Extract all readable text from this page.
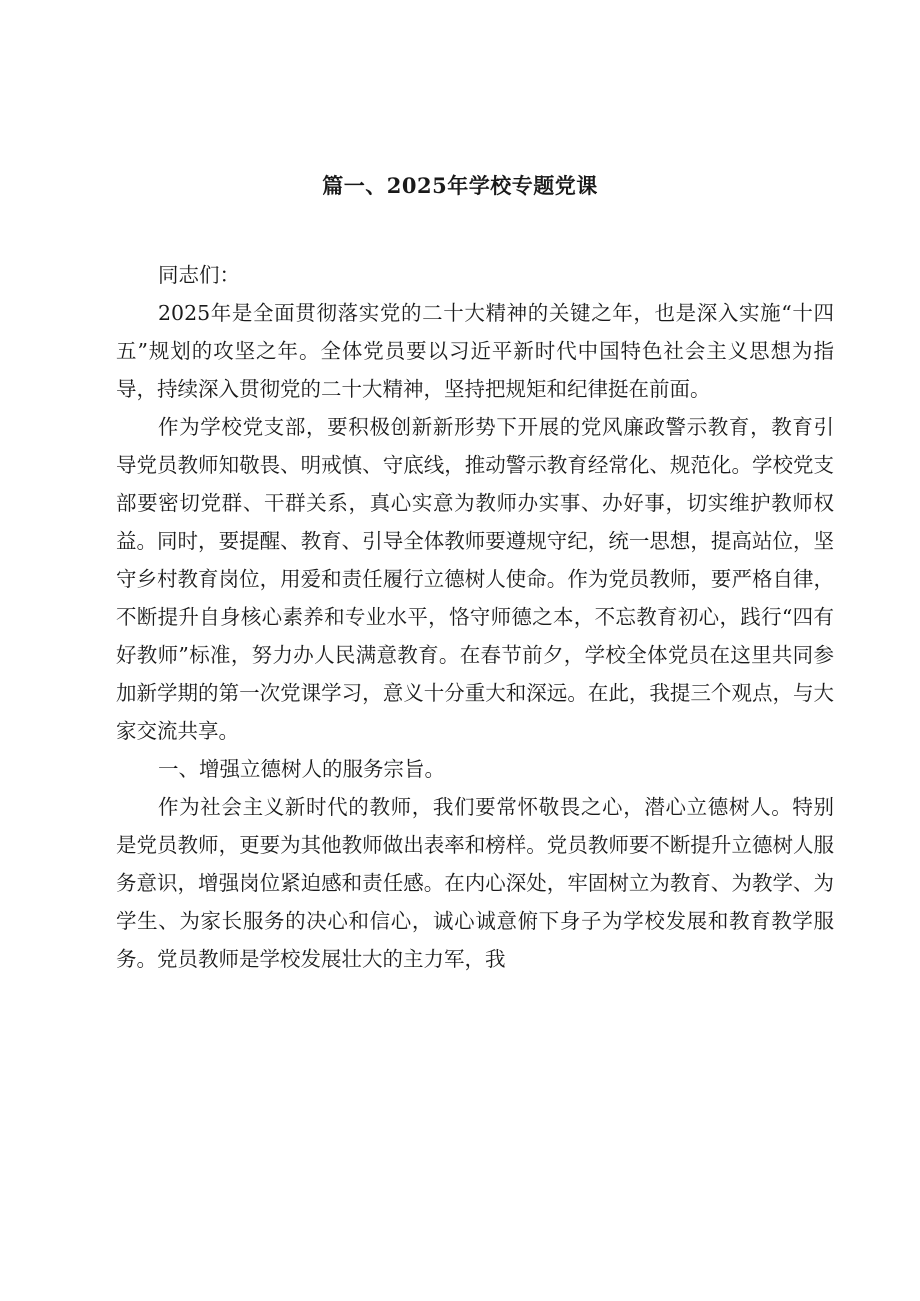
篇一、2025年学校专题党课

同志们：

2025年是全面贯彻落实党的二十大精神的关键之年，也是深入实施“十四五”规划的攻坚之年。全体党员要以习近平新时代中国特色社会主义思想为指导，持续深入贯彻党的二十大精神，坚持把规矩和纪律挺在前面。

作为学校党支部，要积极创新新形势下开展的党风廉政警示教育，教育引导党员教师知敬畏、明戒慎、守底线，推动警示教育经常化、规范化。学校党支部要密切党群、干群关系，真心实意为教师办实事、办好事，切实维护教师权益。同时，要提醒、教育、引导全体教师要遵规守纪，统一思想，提高站位，坚守乡村教育岗位，用爱和责任履行立德树人使命。作为党员教师，要严格自律，不断提升自身核心素养和专业水平，恪守师德之本，不忘教育初心，践行“四有好教师”标准，努力办人民满意教育。在春节前夕，学校全体党员在这里共同参加新学期的第一次党课学习，意义十分重大和深远。在此，我提三个观点，与大家交流共享。

一、增强立德树人的服务宗旨。

作为社会主义新时代的教师，我们要常怀敬畏之心，潜心立德树人。特别是党员教师，更要为其他教师做出表率和榜样。党员教师要不断提升立德树人服务意识，增强岗位紧迫感和责任感。在内心深处，牢固树立为教育、为教学、为学生、为家长服务的决心和信心，诚心诚意俯下身子为学校发展和教育教学服务。党员教师是学校发展壮大的主力军，我
